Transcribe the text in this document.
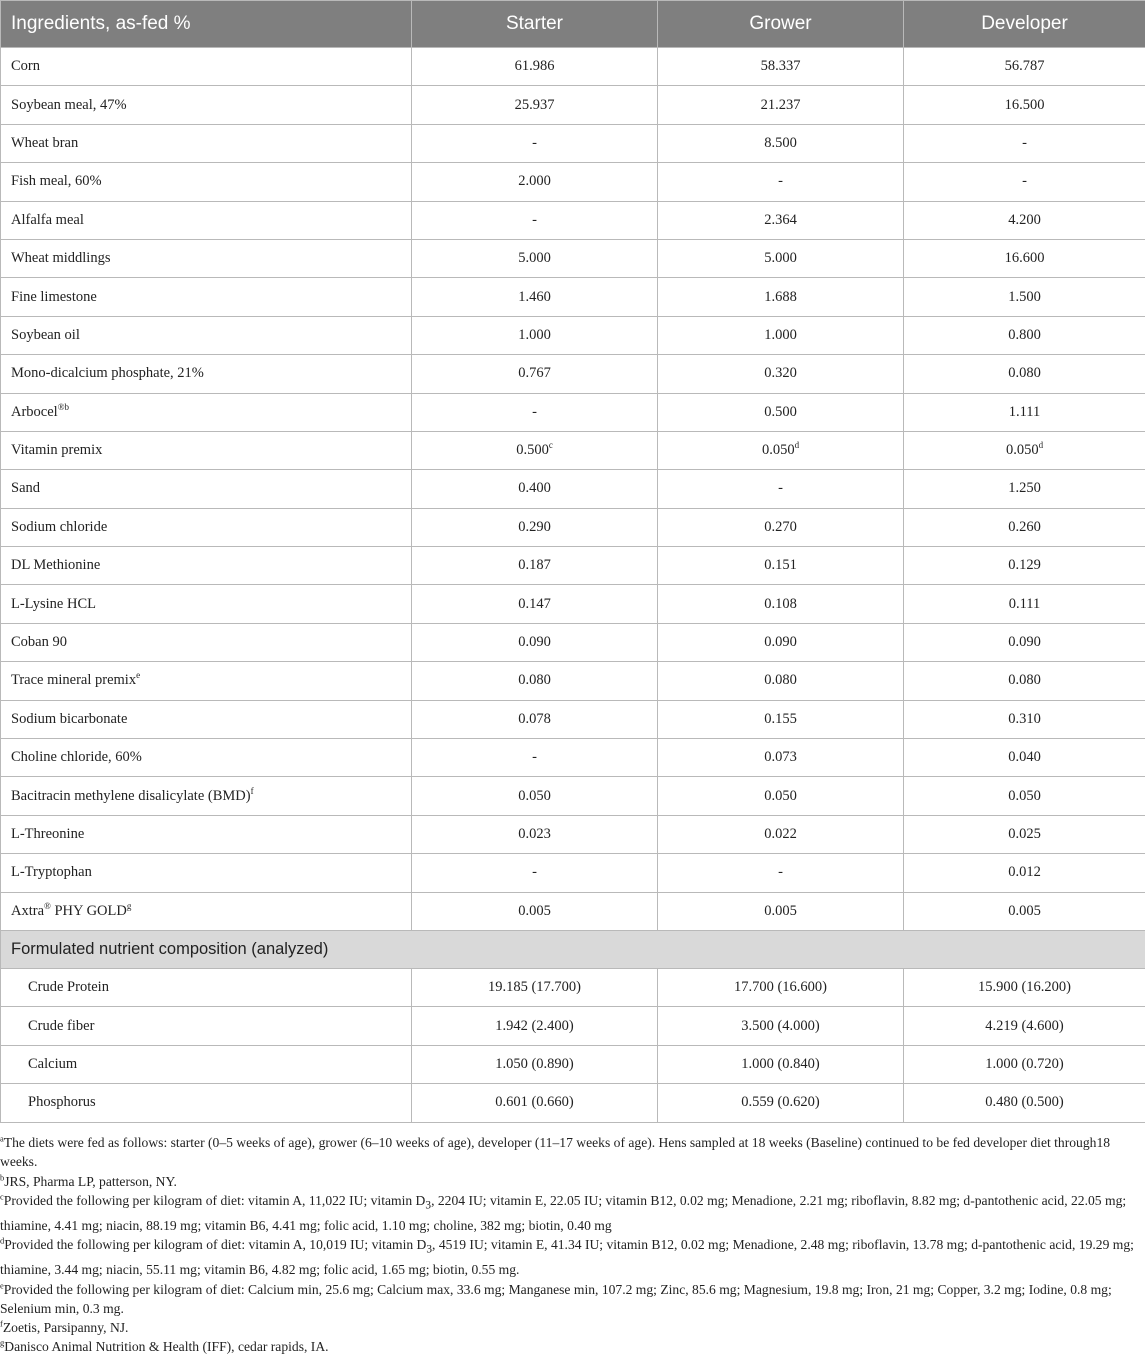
Ingredients, as-fed %	Starter	Grower	Developer
Corn	61.986	58.337	56.787
Soybean meal, 47%	25.937	21.237	16.500
Wheat bran	-	8.500	-
Fish meal, 60%	2.000	-	-
Alfalfa meal	-	2.364	4.200
Wheat middlings	5.000	5.000	16.600
Fine limestone	1.460	1.688	1.500
Soybean oil	1.000	1.000	0.800
Mono-dicalcium phosphate, 21%	0.767	0.320	0.080
Arbocel$^{®b}$	-	0.500	1.111
Vitamin premix	0.500$^c$	0.050$^d$	0.050$^d$
Sand	0.400	-	1.250
Sodium chloride	0.290	0.270	0.260
DL Methionine	0.187	0.151	0.129
L-Lysine HCL	0.147	0.108	0.111
Coban 90	0.090	0.090	0.090
Trace mineral premix$^e$	0.080	0.080	0.080
Sodium bicarbonate	0.078	0.155	0.310
Choline chloride, 60%	-	0.073	0.040
Bacitracin methylene disalicylate (BMD)$^f$	0.050	0.050	0.050
L-Threonine	0.023	0.022	0.025
L-Tryptophan	-	-	0.012
Axtra® PHY GOLD$^g$	0.005	0.005	0.005
Formulated nutrient composition (analyzed)			
Crude Protein	19.185 (17.700)	17.700 (16.600)	15.900 (16.200)
Crude fiber	1.942 (2.400)	3.500 (4.000)	4.219 (4.600)
Calcium	1.050 (0.890)	1.000 (0.840)	1.000 (0.720)
Phosphorus	0.601 (0.660)	0.559 (0.620)	0.480 (0.500)

$^a$The diets were fed as follows: starter (0–5 weeks of age), grower (6–10 weeks of age), developer (11–17 weeks of age). Hens sampled at 18 weeks (Baseline) continued to be fed developer diet through18 weeks.

$^b$JRS, Pharma LP, patterson, NY.

$^c$Provided the following per kilogram of diet: vitamin A, 11,022 IU; vitamin $D_3$, 2204 IU; vitamin E, 22.05 IU; vitamin B12, 0.02 mg; Menadione, 2.21 mg; riboflavin, 8.82 mg; d-pantothenic acid, 22.05 mg; thiamine, 4.41 mg; niacin, 88.19 mg; vitamin B6, 4.41 mg; folic acid, 1.10 mg; choline, 382 mg; biotin, 0.40 mg

$^d$Provided the following per kilogram of diet: vitamin A, 10,019 IU; vitamin $D_3$, 4519 IU; vitamin E, 41.34 IU; vitamin B12, 0.02 mg; Menadione, 2.48 mg; riboflavin, 13.78 mg; d-pantothenic acid, 19.29 mg; thiamine, 3.44 mg; niacin, 55.11 mg; vitamin B6, 4.82 mg; folic acid, 1.65 mg; biotin, 0.55 mg.

$^e$Provided the following per kilogram of diet: Calcium min, 25.6 mg; Calcium max, 33.6 mg; Manganese min, 107.2 mg; Zinc, 85.6 mg; Magnesium, 19.8 mg; Iron, 21 mg; Copper, 3.2 mg; Iodine, 0.8 mg; Selenium min, 0.3 mg.

$^f$Zoetis, Parsipanny, NJ.

$^g$Danisco Animal Nutrition & Health (IFF), cedar rapids, IA.
